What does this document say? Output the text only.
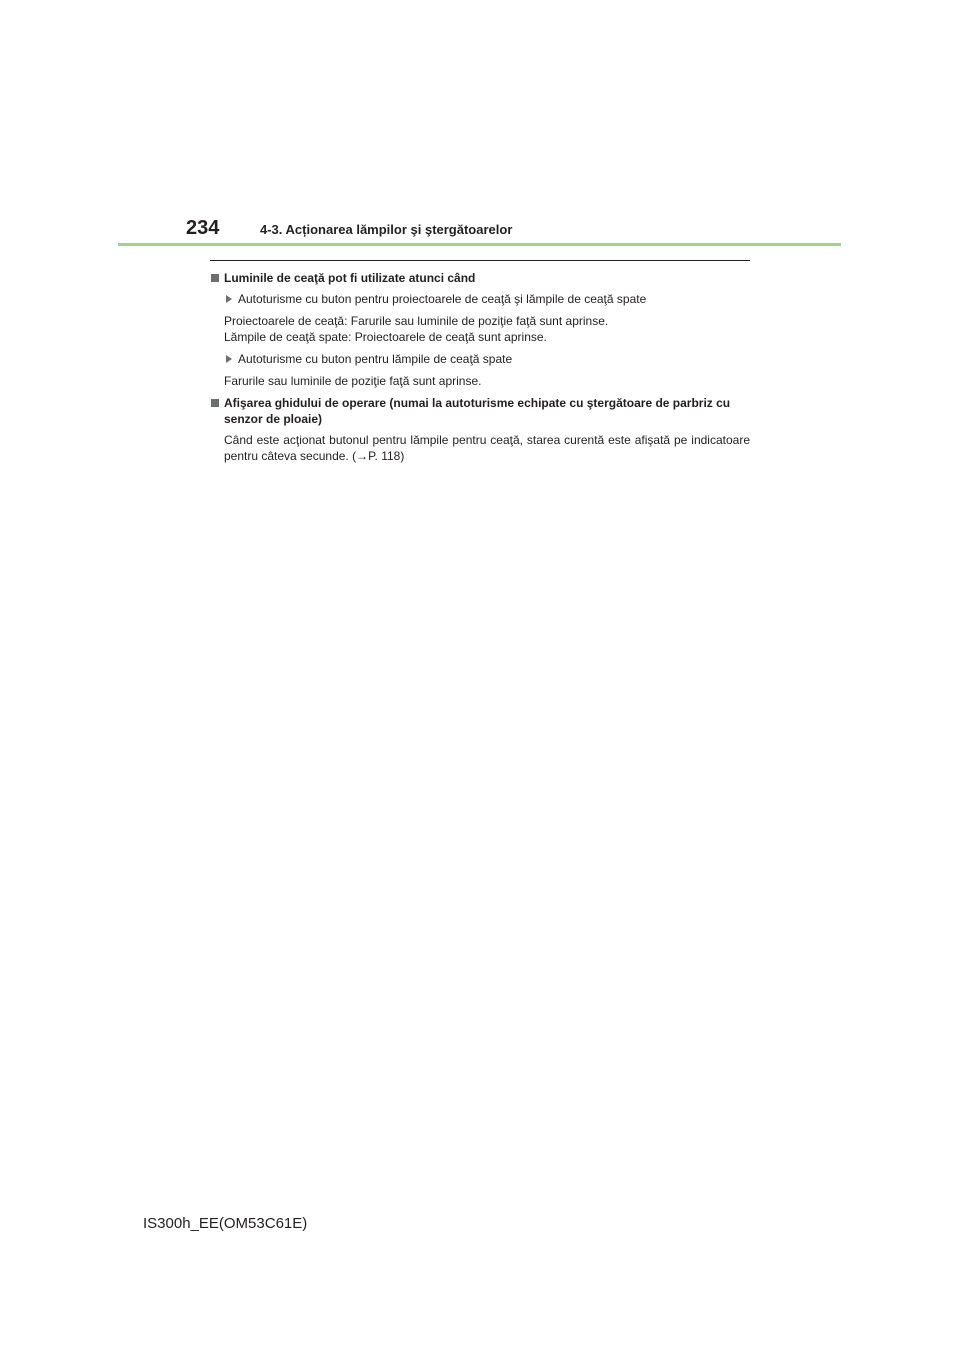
234	4-3. Acționarea lămpilor şi ştergătoarelor
Luminile de ceaţă pot fi utilizate atunci când
Autoturisme cu buton pentru proiectoarele de ceaţă şi lămpile de ceaţă spate
Proiectoarele de ceaţă: Farurile sau luminile de poziţie faţă sunt aprinse.
Lămpile de ceaţă spate: Proiectoarele de ceaţă sunt aprinse.
Autoturisme cu buton pentru lămpile de ceaţă spate
Farurile sau luminile de poziţie faţă sunt aprinse.
Afişarea ghidului de operare (numai la autoturisme echipate cu ştergătoare de parbriz cu senzor de ploaie)
Când este acţionat butonul pentru lămpile pentru ceaţă, starea curentă este afişată pe indicatoare pentru câteva secunde. (→P. 118)
IS300h_EE(OM53C61E)
